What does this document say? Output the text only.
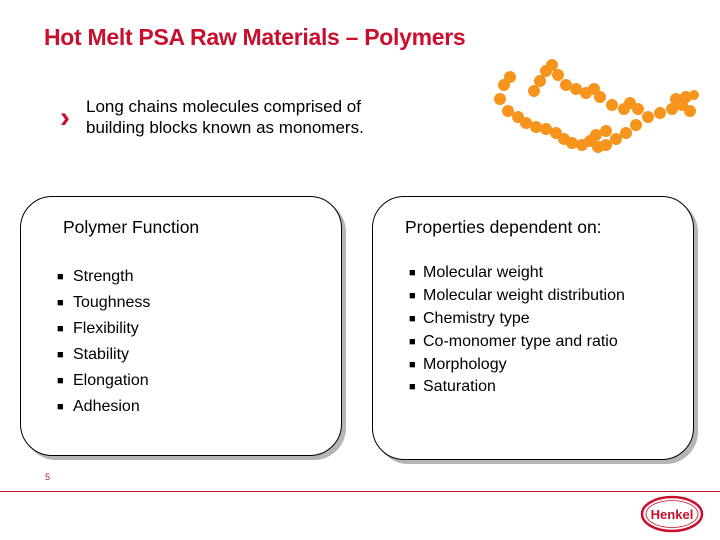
Hot Melt PSA Raw Materials – Polymers
› Long chains molecules comprised of
building blocks known as monomers.
Polymer Function
■ Strength
■ Toughness
■ Flexibility
■ Stability
■ Elongation
■ Adhesion
Properties dependent on:
■ Molecular weight
■ Molecular weight distribution
■ Chemistry type
■ Co-monomer type and ratio
■ Morphology
■ Saturation
5
Henkel
